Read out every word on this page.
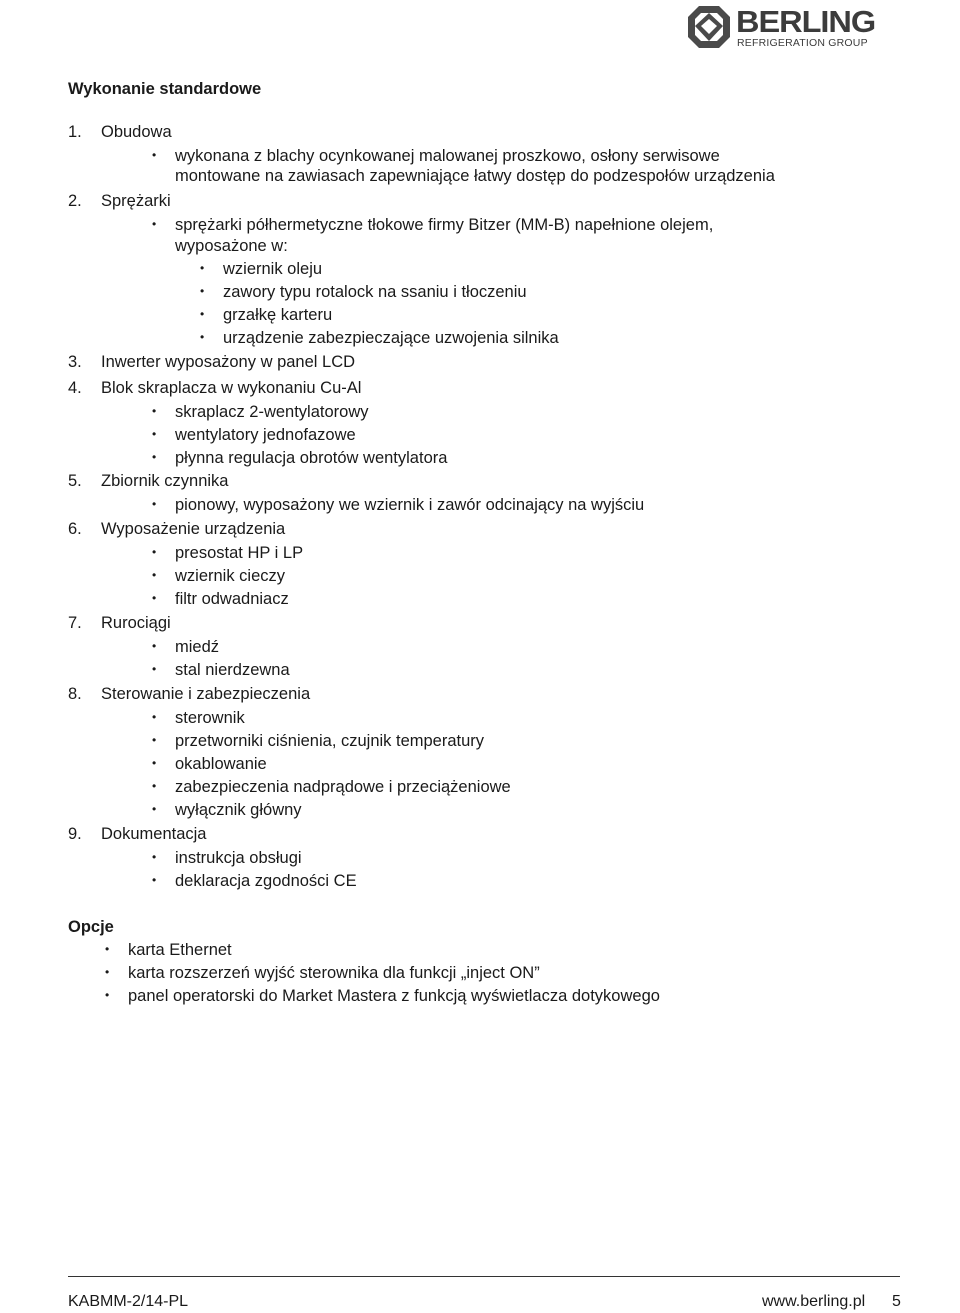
BERLING
REFRIGERATION GROUP
Wykonanie standardowe
1. Obudowa
• wykonana z blachy ocynkowanej malowanej proszkowo, osłony serwisowe
montowane na zawiasach zapewniające łatwy dostęp do podzespołów urządzenia
2. Sprężarki
• sprężarki półhermetyczne tłokowe firmy Bitzer (MM-B) napełnione olejem,
wyposażone w:
• wziernik oleju
• zawory typu rotalock na ssaniu i tłoczeniu
• grzałkę karteru
• urządzenie zabezpieczające uzwojenia silnika
3. Inwerter wyposażony w panel LCD
4. Blok skraplacza w wykonaniu Cu-Al
• skraplacz 2-wentylatorowy
• wentylatory jednofazowe
• płynna regulacja obrotów wentylatora
5. Zbiornik czynnika
• pionowy, wyposażony we wziernik i zawór odcinający na wyjściu
6. Wyposażenie urządzenia
• presostat HP i LP
• wziernik cieczy
• filtr odwadniacz
7. Rurociągi
• miedź
• stal nierdzewna
8. Sterowanie i zabezpieczenia
• sterownik
• przetworniki ciśnienia, czujnik temperatury
• okablowanie
• zabezpieczenia nadprądowe i przeciążeniowe
• wyłącznik główny
9. Dokumentacja
• instrukcja obsługi
• deklaracja zgodności CE
Opcje
• karta Ethernet
• karta rozszerzeń wyjść sterownika dla funkcji „inject ON”
• panel operatorski do Market Mastera z funkcją wyświetlacza dotykowego
KABMM-2/14-PL	www.berling.pl 5
